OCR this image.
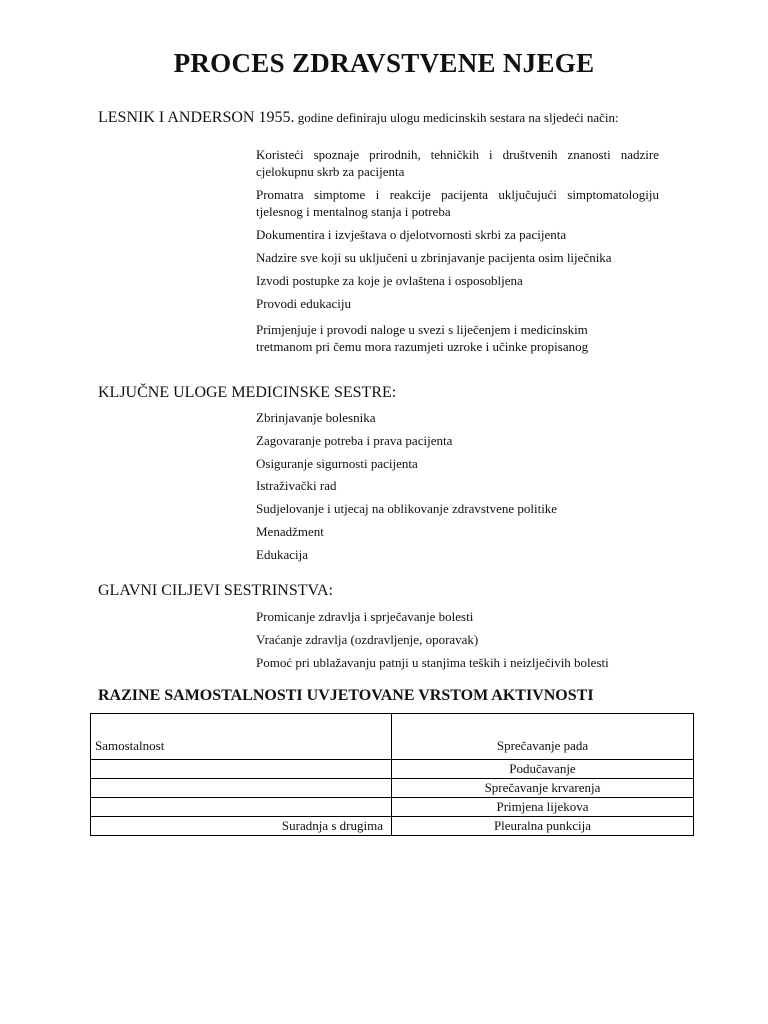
PROCES ZDRAVSTVENE NJEGE

LESNIK I ANDERSON 1955. godine definiraju ulogu medicinskih sestara na sljedeći način:

Koristeći spoznaje prirodnih, tehničkih i društvenih znanosti nadzire cjelokupnu skrb za pacijenta
Promatra simptome i reakcije pacijenta uključujući simptomatologiju tjelesnog i mentalnog stanja i potreba
Dokumentira i izvještava o djelotvornosti skrbi za pacijenta
Nadzire sve koji su uključeni u zbrinjavanje pacijenta osim liječnika
Izvodi postupke za koje je ovlaštena i osposobljena
Provodi edukaciju
Primjenjuje i provodi naloge u svezi s liječenjem i medicinskim tretmanom pri čemu mora razumjeti uzroke i učinke propisanog
KLJUČNE ULOGE MEDICINSKE SESTRE:
Zbrinjavanje bolesnika
Zagovaranje potreba i prava pacijenta
Osiguranje sigurnosti pacijenta
Istraživački rad
Sudjelovanje i utjecaj na oblikovanje zdravstvene politike
Menadžment
Edukacija
GLAVNI CILJEVI SESTRINSTVA:
Promicanje zdravlja i sprječavanje bolesti
Vraćanje zdravlja (ozdravljenje, oporavak)
Pomoć pri ublažavanju patnji u stanjima teških i neizlječivih bolesti
RAZINE SAMOSTALNOSTI UVJETOVANE VRSTOM AKTIVNOSTI
Samostalnost	Sprečavanje pada
	Podučavanje
	Sprečavanje krvarenja
	Primjena lijekova
Suradnja s drugima	Pleuralna punkcija
